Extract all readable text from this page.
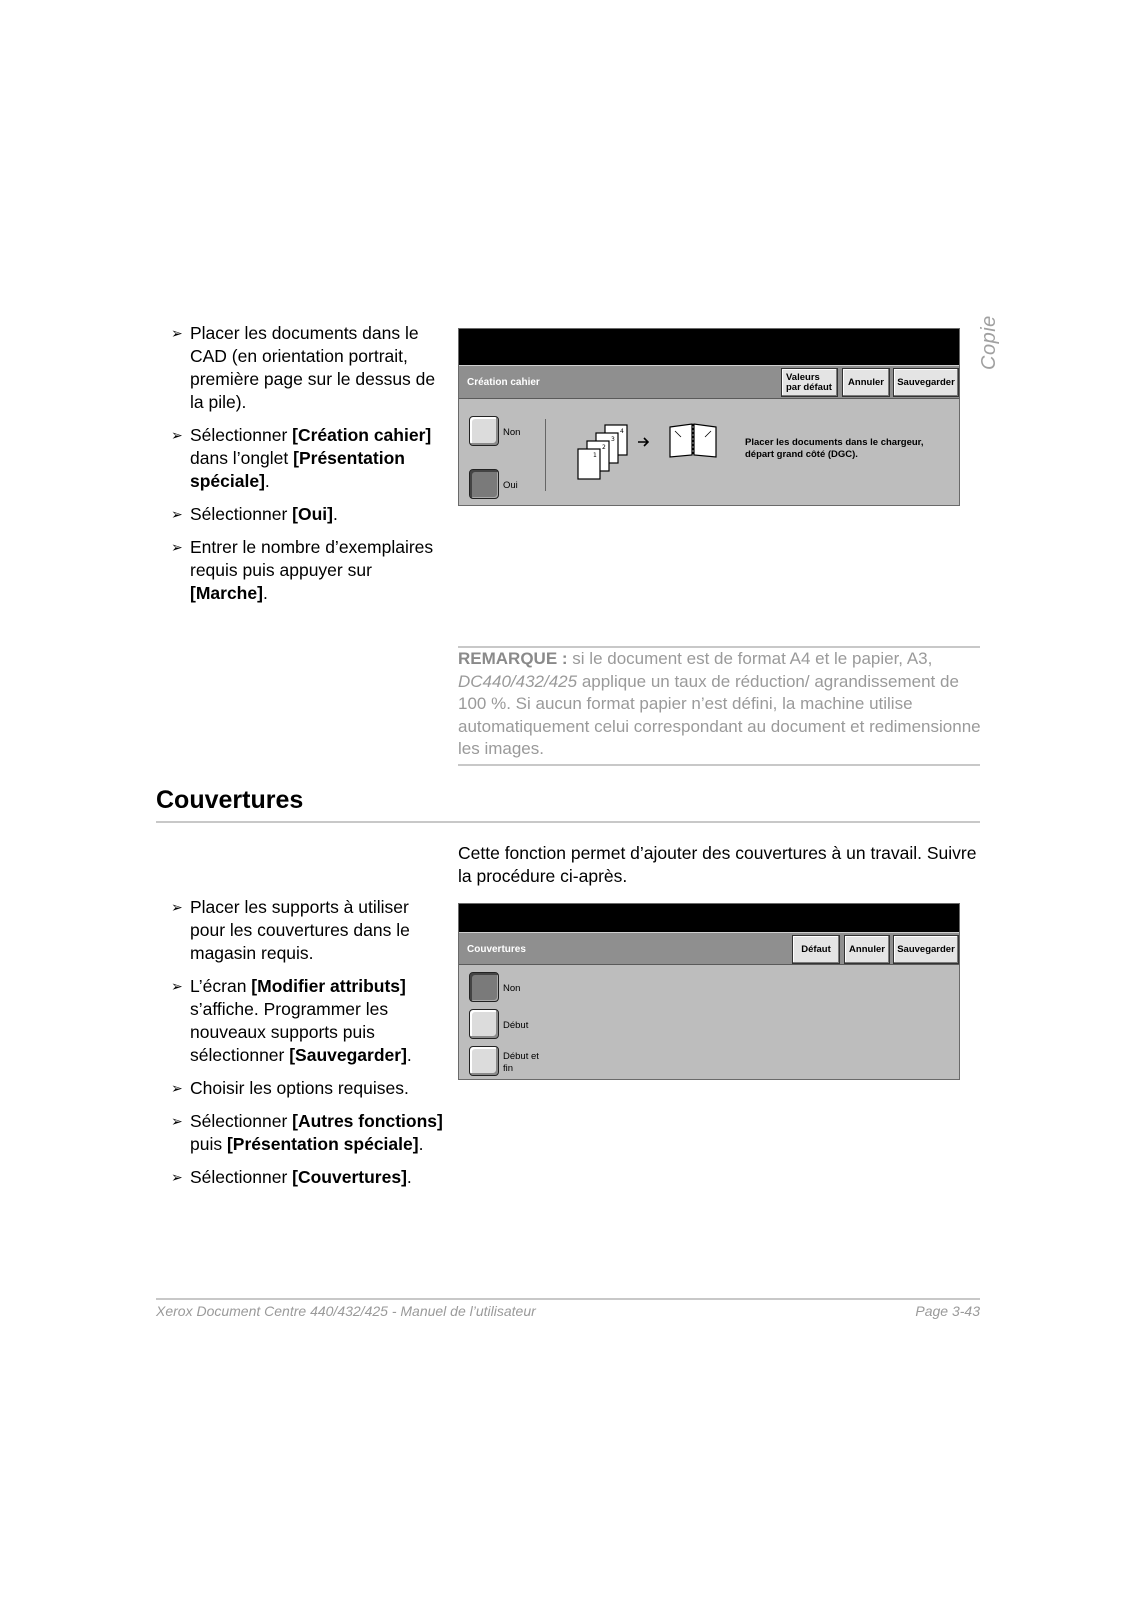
Copie
➢ Placer les documents dans le CAD (en orientation portrait, première page sur le dessus de la pile).
➢ Sélectionner [Création cahier] dans l’onglet [Présentation spéciale].
➢ Sélectionner [Oui].
➢ Entrer le nombre d’exemplaires requis puis appuyer sur [Marche].
Création cahier	Valeurs par défaut	Annuler	Sauvegarder
Non
Oui
4
3
2
1
Placer les documents dans le chargeur, départ grand côté (DGC).
REMARQUE : si le document est de format A4 et le papier, A3, DC440/432/425 applique un taux de réduction/ agrandissement de 100 %. Si aucun format papier n’est défini, la machine utilise automatiquement celui correspondant au document et redimensionne les images.
Couvertures
Cette fonction permet d’ajouter des couvertures à un travail. Suivre la procédure ci-après.
➢ Placer les supports à utiliser pour les couvertures dans le magasin requis.
➢ L’écran [Modifier attributs] s’affiche. Programmer les nouveaux supports puis sélectionner [Sauvegarder].
➢ Choisir les options requises.
➢ Sélectionner [Autres fonctions] puis [Présentation spéciale].
➢ Sélectionner [Couvertures].
Couvertures	Défaut	Annuler	Sauvegarder
Non
Début
Début et fin
Xerox Document Centre 440/432/425 - Manuel de l’utilisateur	Page 3-43
